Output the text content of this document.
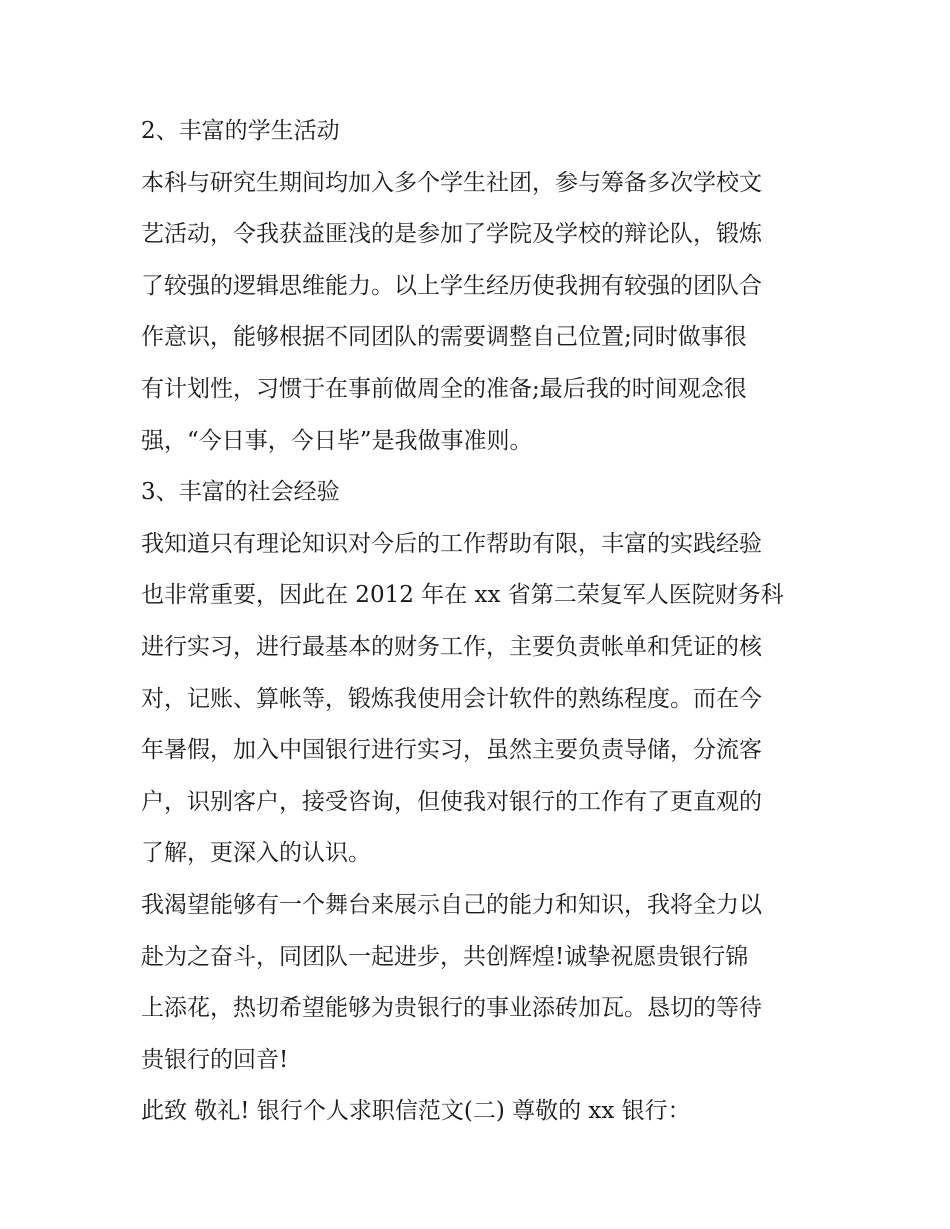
2、丰富的学生活动
本科与研究生期间均加入多个学生社团，参与筹备多次学校文
艺活动，令我获益匪浅的是参加了学院及学校的辩论队，锻炼
了较强的逻辑思维能力。以上学生经历使我拥有较强的团队合
作意识，能够根据不同团队的需要调整自己位置;同时做事很
有计划性，习惯于在事前做周全的准备;最后我的时间观念很
强，“今日事，今日毕”是我做事准则。
3、丰富的社会经验
我知道只有理论知识对今后的工作帮助有限，丰富的实践经验
也非常重要，因此在 2012 年在 xx 省第二荣复军人医院财务科
进行实习，进行最基本的财务工作，主要负责帐单和凭证的核
对，记账、算帐等，锻炼我使用会计软件的熟练程度。而在今
年暑假，加入中国银行进行实习，虽然主要负责导储，分流客
户，识别客户，接受咨询，但使我对银行的工作有了更直观的
了解，更深入的认识。
我渴望能够有一个舞台来展示自己的能力和知识，我将全力以
赴为之奋斗，同团队一起进步，共创辉煌!诚挚祝愿贵银行锦
上添花，热切希望能够为贵银行的事业添砖加瓦。恳切的等待
贵银行的回音!
此致 敬礼! 银行个人求职信范文(二) 尊敬的 xx 银行：
